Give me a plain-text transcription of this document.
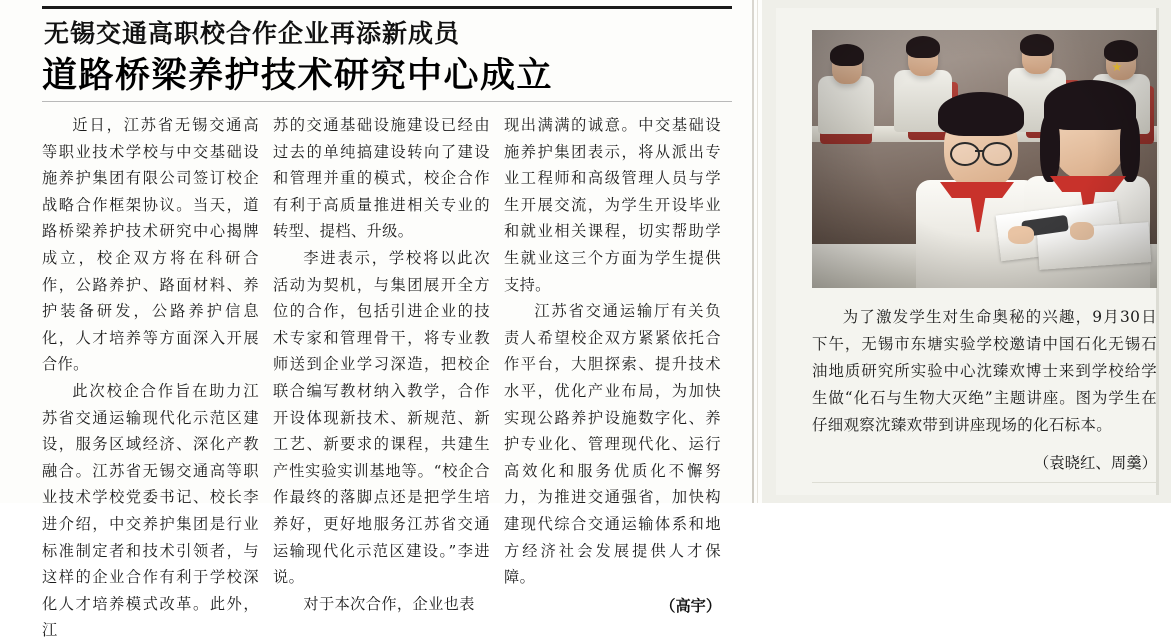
无锡交通高职校合作企业再添新成员
道路桥梁养护技术研究中心成立

近日，江苏省无锡交通高等职业技术学校与中交基础设施养护集团有限公司签订校企战略合作框架协议。当天，道路桥梁养护技术研究中心揭牌成立，校企双方将在科研合作，公路养护、路面材料、养护装备研发，公路养护信息化，人才培养等方面深入开展合作。

此次校企合作旨在助力江苏省交通运输现代化示范区建设，服务区域经济、深化产教融合。江苏省无锡交通高等职业技术学校党委书记、校长李进介绍，中交养护集团是行业标准制定者和技术引领者，与这样的企业合作有利于学校深化人才培养模式改革。此外，江

苏的交通基础设施建设已经由过去的单纯搞建设转向了建设和管理并重的模式，校企合作有利于高质量推进相关专业的转型、提档、升级。

李进表示，学校将以此次活动为契机，与集团展开全方位的合作，包括引进企业的技术专家和管理骨干，将专业教师送到企业学习深造，把校企联合编写教材纳入教学，合作开设体现新技术、新规范、新工艺、新要求的课程，共建生产性实验实训基地等。“校企合作最终的落脚点还是把学生培养好，更好地服务江苏省交通运输现代化示范区建设。”李进说。

对于本次合作，企业也表

现出满满的诚意。中交基础设施养护集团表示，将从派出专业工程师和高级管理人员与学生开展交流，为学生开设毕业和就业相关课程，切实帮助学生就业这三个方面为学生提供支持。

江苏省交通运输厅有关负责人希望校企双方紧紧依托合作平台，大胆探索、提升技术水平，优化产业布局，为加快实现公路养护设施数字化、养护专业化、管理现代化、运行高效化和服务优质化不懈努力，为推进交通强省，加快构建现代综合交通运输体系和地方经济社会发展提供人才保障。

（高宇）

为了激发学生对生命奥秘的兴趣，9月30日下午，无锡市东塘实验学校邀请中国石化无锡石油地质研究所实验中心沈臻欢博士来到学校给学生做“化石与生物大灭绝”主题讲座。图为学生在仔细观察沈臻欢带到讲座现场的化石标本。

（袁晓红、周羹）
